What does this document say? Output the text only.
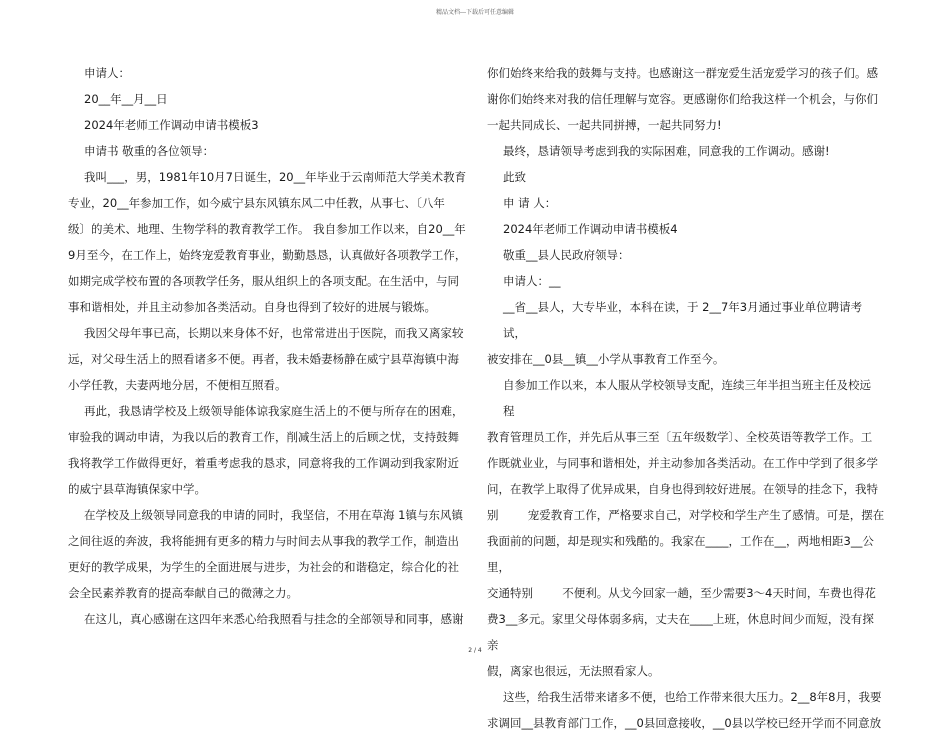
精品文档---下载后可任意编辑

申请人：

20__年__月__日

2024年老师工作调动申请书模板3

申请书 敬重的各位领导：

我叫___，男，1981年10月7日诞生，20__年毕业于云南师范大学美术教育

专业，20__年参加工作，如今威宁县东风镇东风二中任教，从事七、〔八年

级〕的美术、地理、生物学科的教育教学工作。 我自参加工作以来，自20__年

9月至今，在工作上，始终宠爱教育事业，勤勤恳恳，认真做好各项教学工作，

如期完成学校布置的各项教学任务，服从组织上的各项支配。在生活中，与同

事和谐相处，并且主动参加各类活动。自身也得到了较好的进展与锻炼。

我因父母年事已高，长期以来身体不好，也常常进出于医院，而我又离家较

远，对父母生活上的照看诸多不便。再者，我未婚妻杨静在威宁县草海镇中海

小学任教，夫妻两地分居，不便相互照看。

再此，我恳请学校及上级领导能体谅我家庭生活上的不便与所存在的困难，

审验我的调动申请，为我以后的教育工作，削减生活上的后顾之忧，支持鼓舞

我将教学工作做得更好，着重考虑我的恳求，同意将我的工作调动到我家附近

的威宁县草海镇保家中学。

在学校及上级领导同意我的申请的同时，我坚信，不用在草海 1镇与东风镇

之间往返的奔波，我将能拥有更多的精力与时间去从事我的教学工作，制造出

更好的教学成果，为学生的全面进展与进步，为社会的和谐稳定，综合化的社

会全民素养教育的提高奉献自己的微薄之力。

在这儿，真心感谢在这四年来悉心给我照看与挂念的全部领导和同事，感谢

你们始终来给我的鼓舞与支持。也感谢这一群宠爱生活宠爱学习的孩子们。感

谢你们始终来对我的信任理解与宽容。更感谢你们给我这样一个机会，与你们

一起共同成长、一起共同拼搏，一起共同努力!

最终，恳请领导考虑到我的实际困难，同意我的工作调动。感谢!

此致

申 请 人：

2024年老师工作调动申请书模板4

敬重__县人民政府领导：

申请人：__

__省__县人，大专毕业，本科在读，于 2__7年3月通过事业单位聘请考试，

被安排在__0县__镇__小学从事教育工作至今。

自参加工作以来，本人服从学校领导支配，连续三年半担当班主任及校远程

教育管理员工作，并先后从事三至〔五年级数学〕、全校英语等教学工作。工

作既就业业，与同事和谐相处，并主动参加各类活动。在工作中学到了很多学

问，在教学上取得了优异成果，自身也得到较好进展。在领导的挂念下，我特

别        宠爱教育工作，严格要求自己，对学校和学生产生了感情。可是，摆在

我面前的问题，却是现实和残酷的。我家在____，工作在__，两地相距3__公里，

交通特别        不便利。从戈今回家一趟，至少需要3～4天时间，车费也得花

费3__多元。家里父母体弱多病，丈夫在____上班，休息时间少而短，没有探亲

假，离家也很远，无法照看家人。

这些，给我生活带来诸多不便，也给工作带来很大压力。2__8年8月，我要

求调回__县教育部门工作，__0县回意接收，__0县以学校已经开学而不同意放

2 / 4
